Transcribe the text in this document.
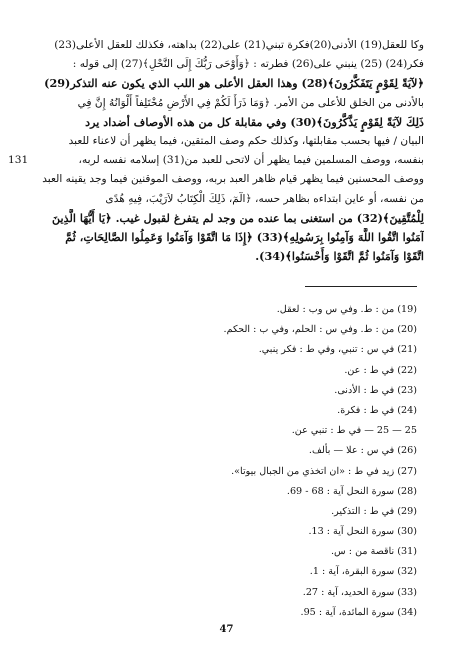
131
وكا للعقل(19) الأدنى(20)فكرة تبني(21) على(22) بداهته، فكذلك للعقل الأعلى(23)
فكر(24) (25) ينبني على(26) فطرته : ﴿وَأَوْحَى رَبُّكَ إِلَى النَّحْلِ﴾(27) إلى قوله :
﴿لآيَةً لِقَوْمٍ يَتَفَكَّرُونَ﴾(28) وهذا العقل الأعلى هو اللب الذي يكون عنه التذكر(29)
بالأدنى من الخلق للأعلى من الأمر. ﴿وَمَا ذَرَأَ لَكُمْ فِي الأَرْضِ مُخْتَلِفاً أَلْوَانُهُ إِنَّ فِي
ذَلِكَ لآيَةً لِقَوْمٍ يَذَّكَّرُونَ﴾(30) وفي مقابلة كل من هذه الأوصاف أضداد يرد
البيان / فيها بحسب مقابلتها، وكذلك حكم وصف المتقين، فيما يظهر أن لاعناء للعبد
بنفسه، ووصف المسلمين فيما يظهر أن لاتحى للعبد من(31) إسلامه نفسه لربه،
ووصف المحسنين فيما يظهر قيام ظاهر العبد بربه، ووصف الموقنين فيما وجد يقينه العبد
من نفسه، أو عاين ابتداءه بظاهر حسه، ﴿الٓمٓ، ذَلِكَ الْكِتَابُ لاَرَيْبَ، فِيهِ هُدًى
لِلْمُتَّقِينَ﴾(32) من استغنى بما عنده من وجد لم يتفرغ لقبول غيب. ﴿يَا أَيُّهَا الَّذِينَ
آمَنُوا اتَّقُوا اللَّهَ وَآمِنُوا بِرَسُولِهِ﴾(33) ﴿إِذَا مَا اتَّقَوْا وَآمَنُوا وَعَمِلُوا الصَّالِحَاتِ، ثُمَّ
اتَّقَوْا وَآمَنُوا ثُمَّ اتَّقَوْا وَأَحْسَنُوا﴾(34).
(19) من : ط. وفي س وب : لعقل.
(20) من : ط. وفي س : الحلم، وفي ب : الحكم.
(21) في س : تنبي، وفي ط : فكر ينبي.
(22) في ط : عن.
(23) في ط : الأدنى.
(24) في ط : فكرة.
25 — 25 — في ط : تنبي عن.
(26) في س : علا — بألف.
(27) زيد في ط : «ان اتخذي من الجبال بيوتا».
(28) سورة النحل آية : 68 - 69.
(29) في ط : التذكير.
(30) سورة النحل آية : 13.
(31) ناقصة من : س.
(32) سورة البقرة، آية : 1.
(33) سورة الحديد، آية : 27.
(34) سورة المائدة، آية : 95.
47
